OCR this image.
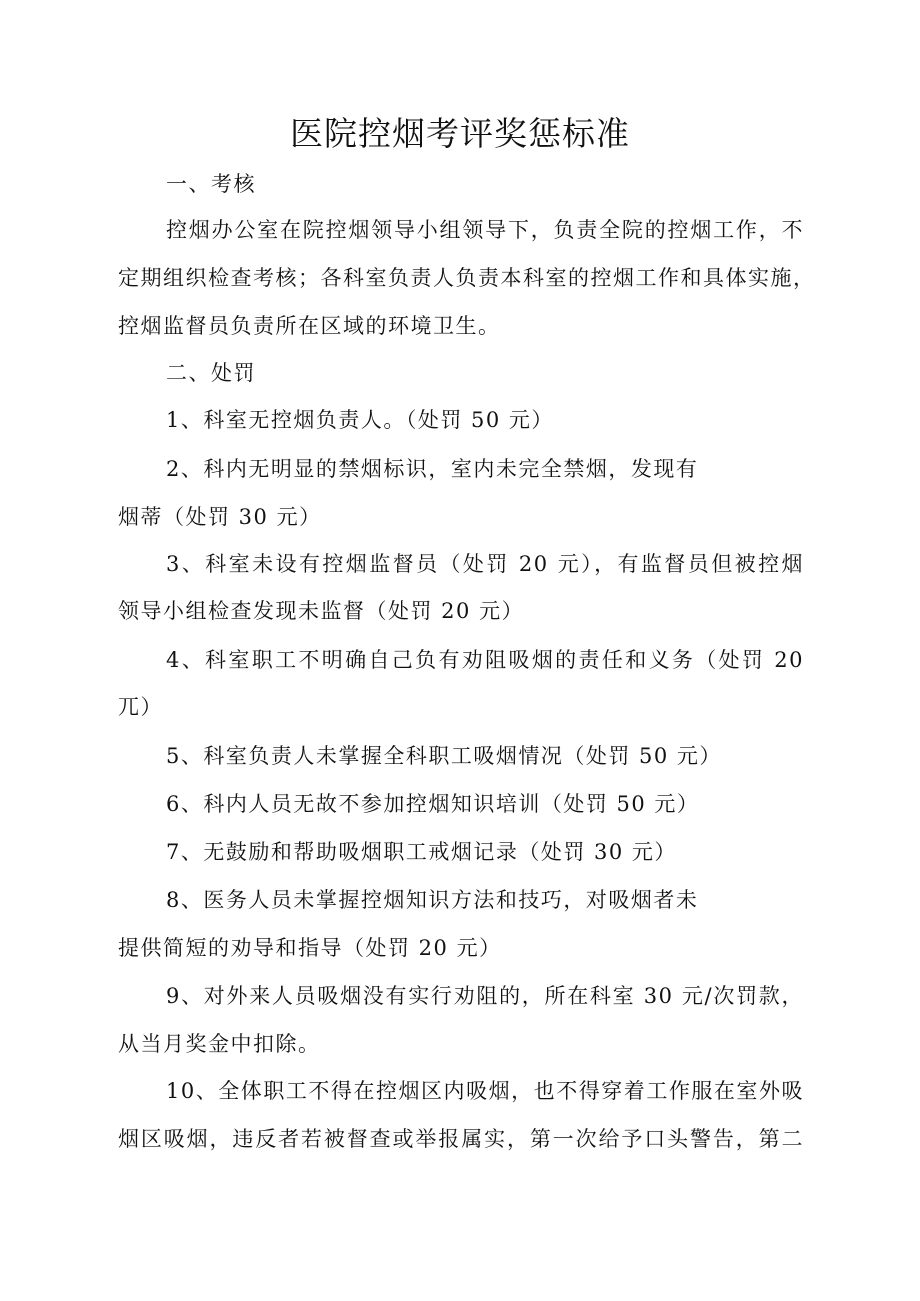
医院控烟考评奖惩标准

一、考核

控烟办公室在院控烟领导小组领导下，负责全院的控烟工作，不

定期组织检查考核；各科室负责人负责本科室的控烟工作和具体实施，

控烟监督员负责所在区域的环境卫生。

二、处罚

1、科室无控烟负责人。（处罚 50 元）

2、科内无明显的禁烟标识，室内未完全禁烟，发现有

烟蒂（处罚 30 元）

3、科室未设有控烟监督员（处罚 20 元），有监督员但被控烟

领导小组检查发现未监督（处罚 20 元）

4、科室职工不明确自己负有劝阻吸烟的责任和义务（处罚 20

兀）

5、科室负责人未掌握全科职工吸烟情况（处罚 50 元）

6、科内人员无故不参加控烟知识培训（处罚 50 元）

7、无鼓励和帮助吸烟职工戒烟记录（处罚 30 元）

8、医务人员未掌握控烟知识方法和技巧，对吸烟者未

提供简短的劝导和指导（处罚 20 元）

9、对外来人员吸烟没有实行劝阻的，所在科室 30 元/次罚款，

从当月奖金中扣除。

10、全体职工不得在控烟区内吸烟，也不得穿着工作服在室外吸

烟区吸烟，违反者若被督查或举报属实，第一次给予口头警告，第二
